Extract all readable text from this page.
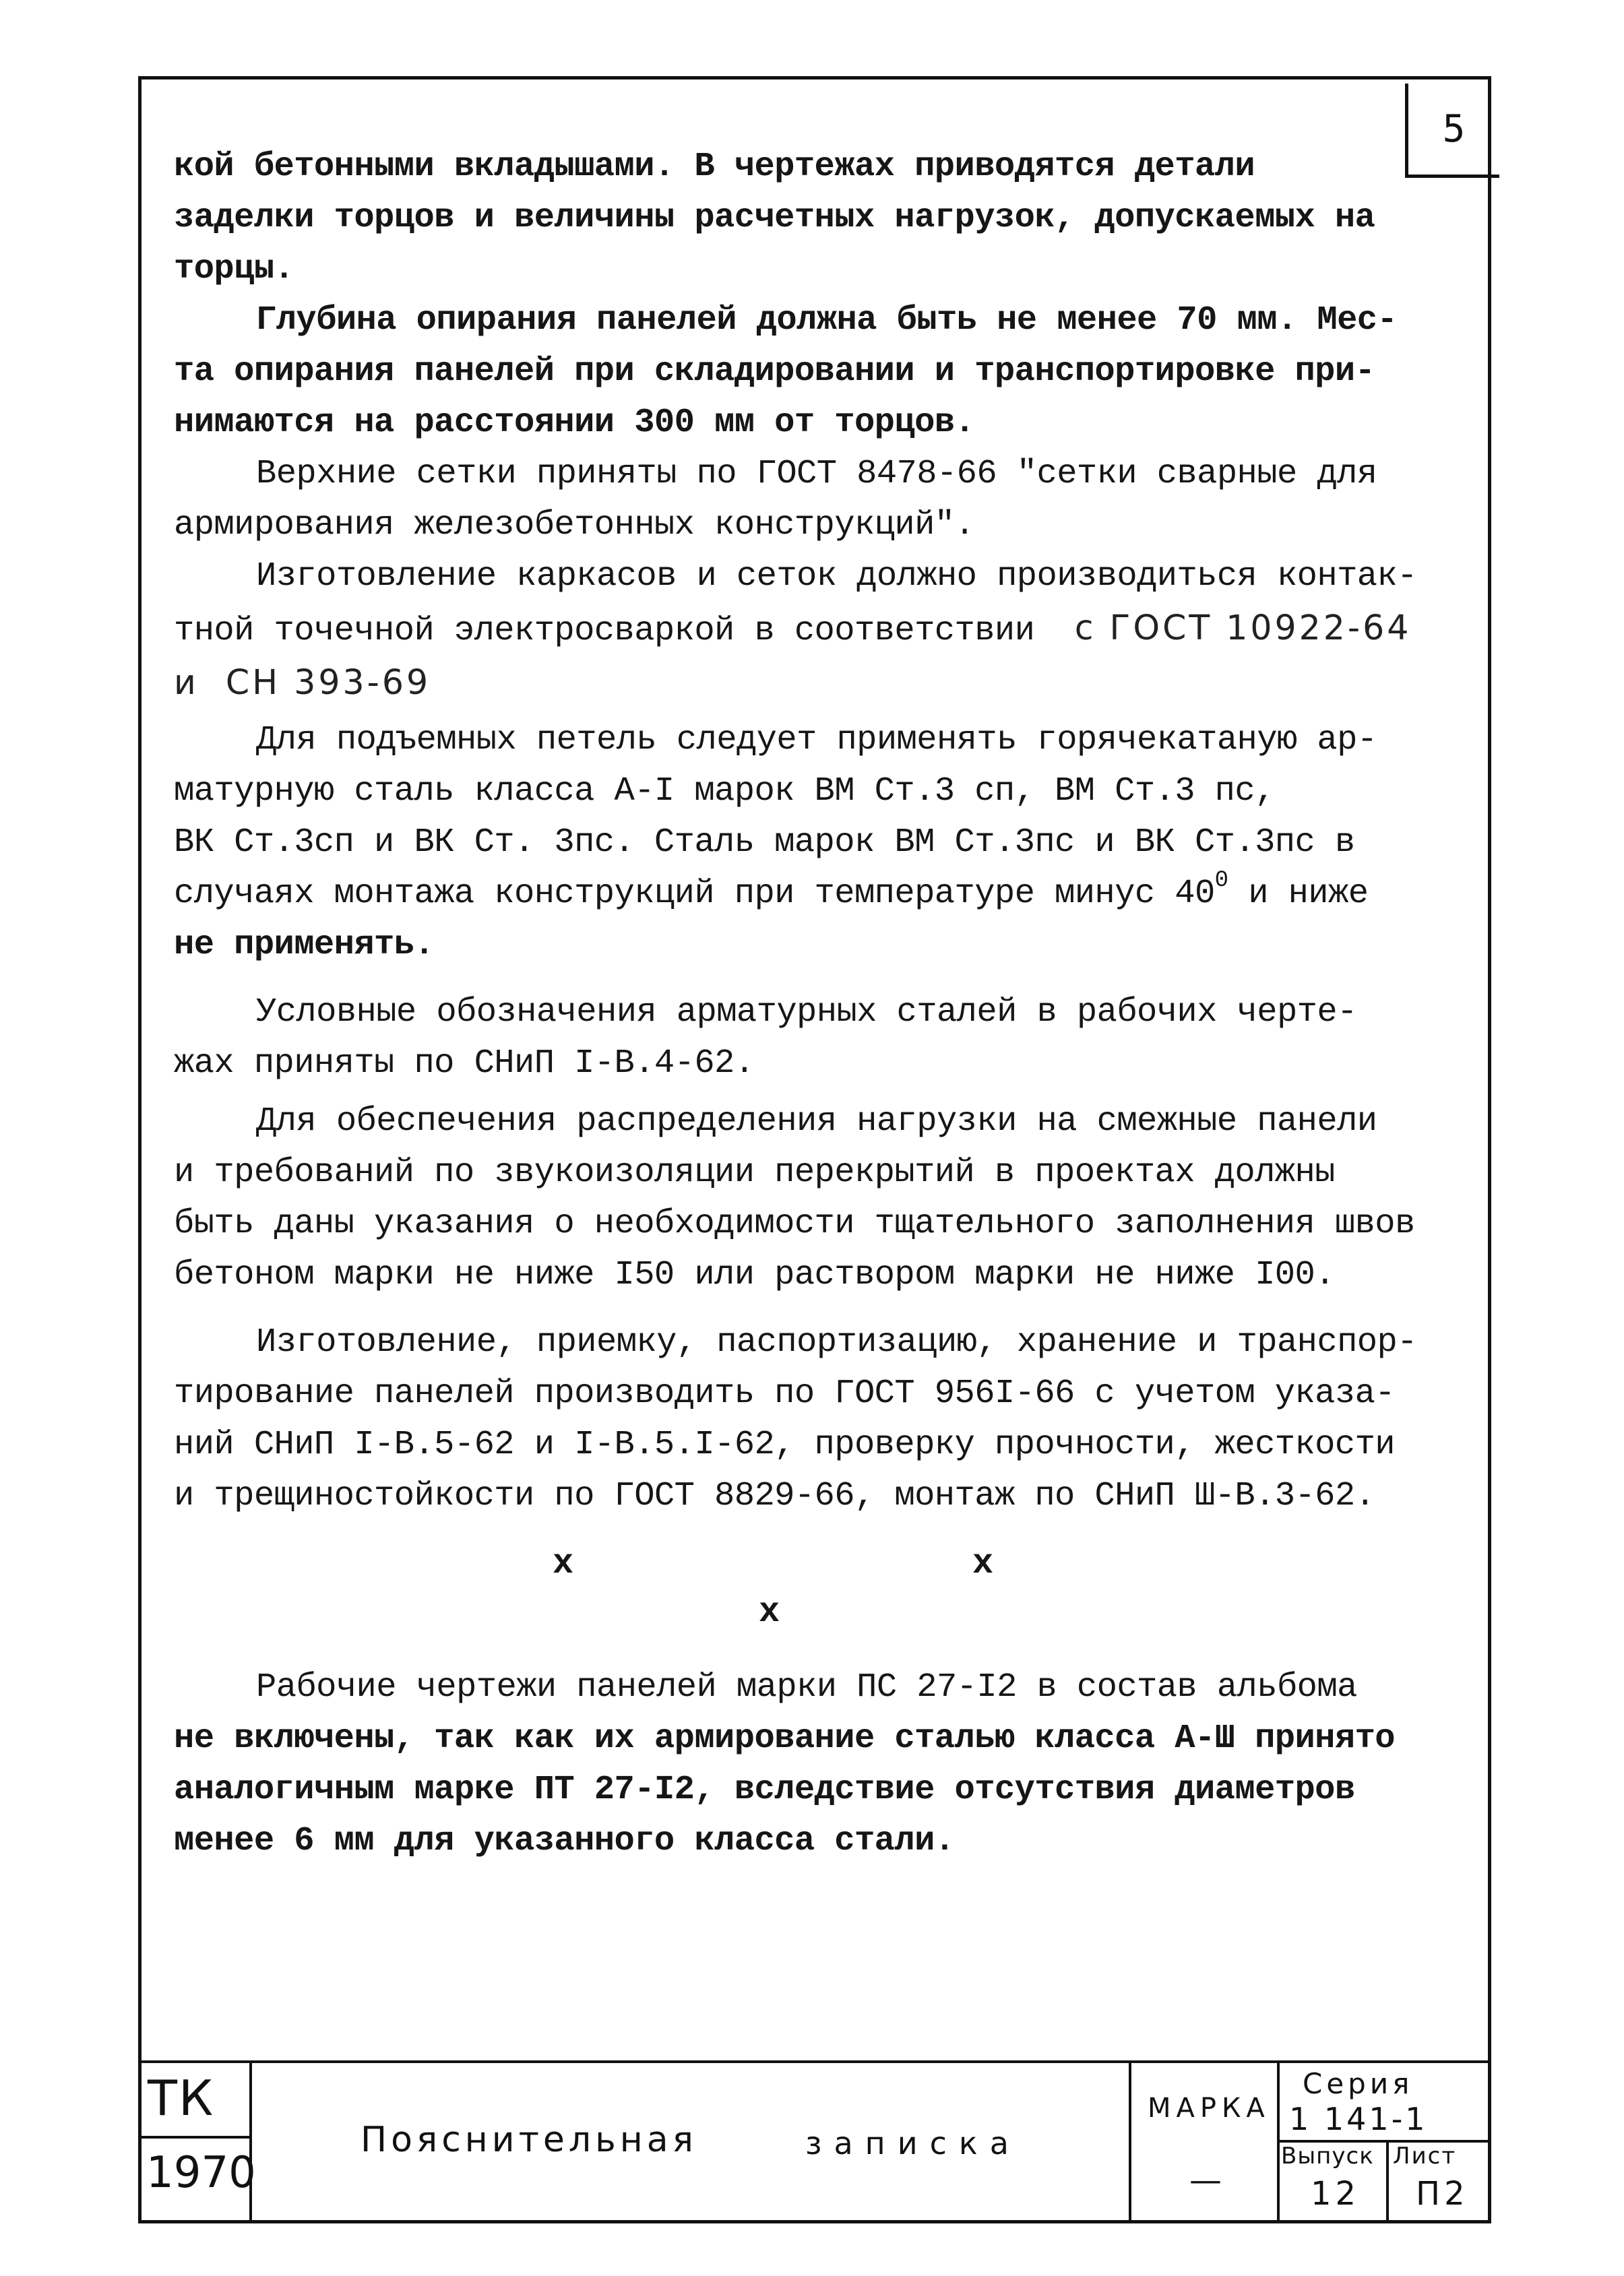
5
кой бетонными вкладышами. В чертежах приводятся детали
заделки торцов и величины расчетных нагрузок, допускаемых на
торцы.
Глубина опирания панелей должна быть не менее 70 мм. Мес-
та опирания панелей при складировании и транспортировке при-
нимаются на расстоянии 300 мм от торцов.
Верхние сетки приняты по ГОСТ 8478-66 "сетки сварные для
армирования железобетонных конструкций".
Изготовление каркасов и сеток должно производиться контак-
тной точечной электросваркой в соответствии с ГОСТ 10922-64
и  СН 393-69
Для подъемных петель следует применять горячекатаную ар-
матурную сталь класса А-I марок ВМ Ст.3 сп, ВМ Ст.3 пс,
ВК Ст.3сп и ВК Ст. 3пс. Сталь марок ВМ Ст.3пс и ВК Ст.3пс в
случаях монтажа конструкций при температуре минус $40^0$ и ниже
не применять.
Условные обозначения арматурных сталей в рабочих черте-
жах приняты по СНиП I-В.4-62.
Для обеспечения распределения нагрузки на смежные панели
и требований по звукоизоляции перекрытий в проектах должны
быть даны указания о необходимости тщательного заполнения швов
бетоном марки не ниже I50 или раствором марки не ниже I00.
Изготовление, приемку, паспортизацию, хранение и транспор-
тирование панелей производить по ГОСТ 956I-66 с учетом указа-
ний СНиП I-В.5-62 и I-В.5.I-62, проверку прочности, жесткости
и трещиностойкости по ГОСТ 8829-66, монтаж по СНиП Ш-В.3-62.
x	x
x
Рабочие чертежи панелей марки ПС 27-I2 в состав альбома
не включены, так как их армирование сталью класса А-Ш принято
аналогичным марке ПТ 27-I2, вследствие отсутствия диаметров
менее 6 мм для указанного класса стали.
ТК
1970
Пояснительная	записка
МАРКА
—
Серия
1 141-1
Выпуск
12
Лист
П2
